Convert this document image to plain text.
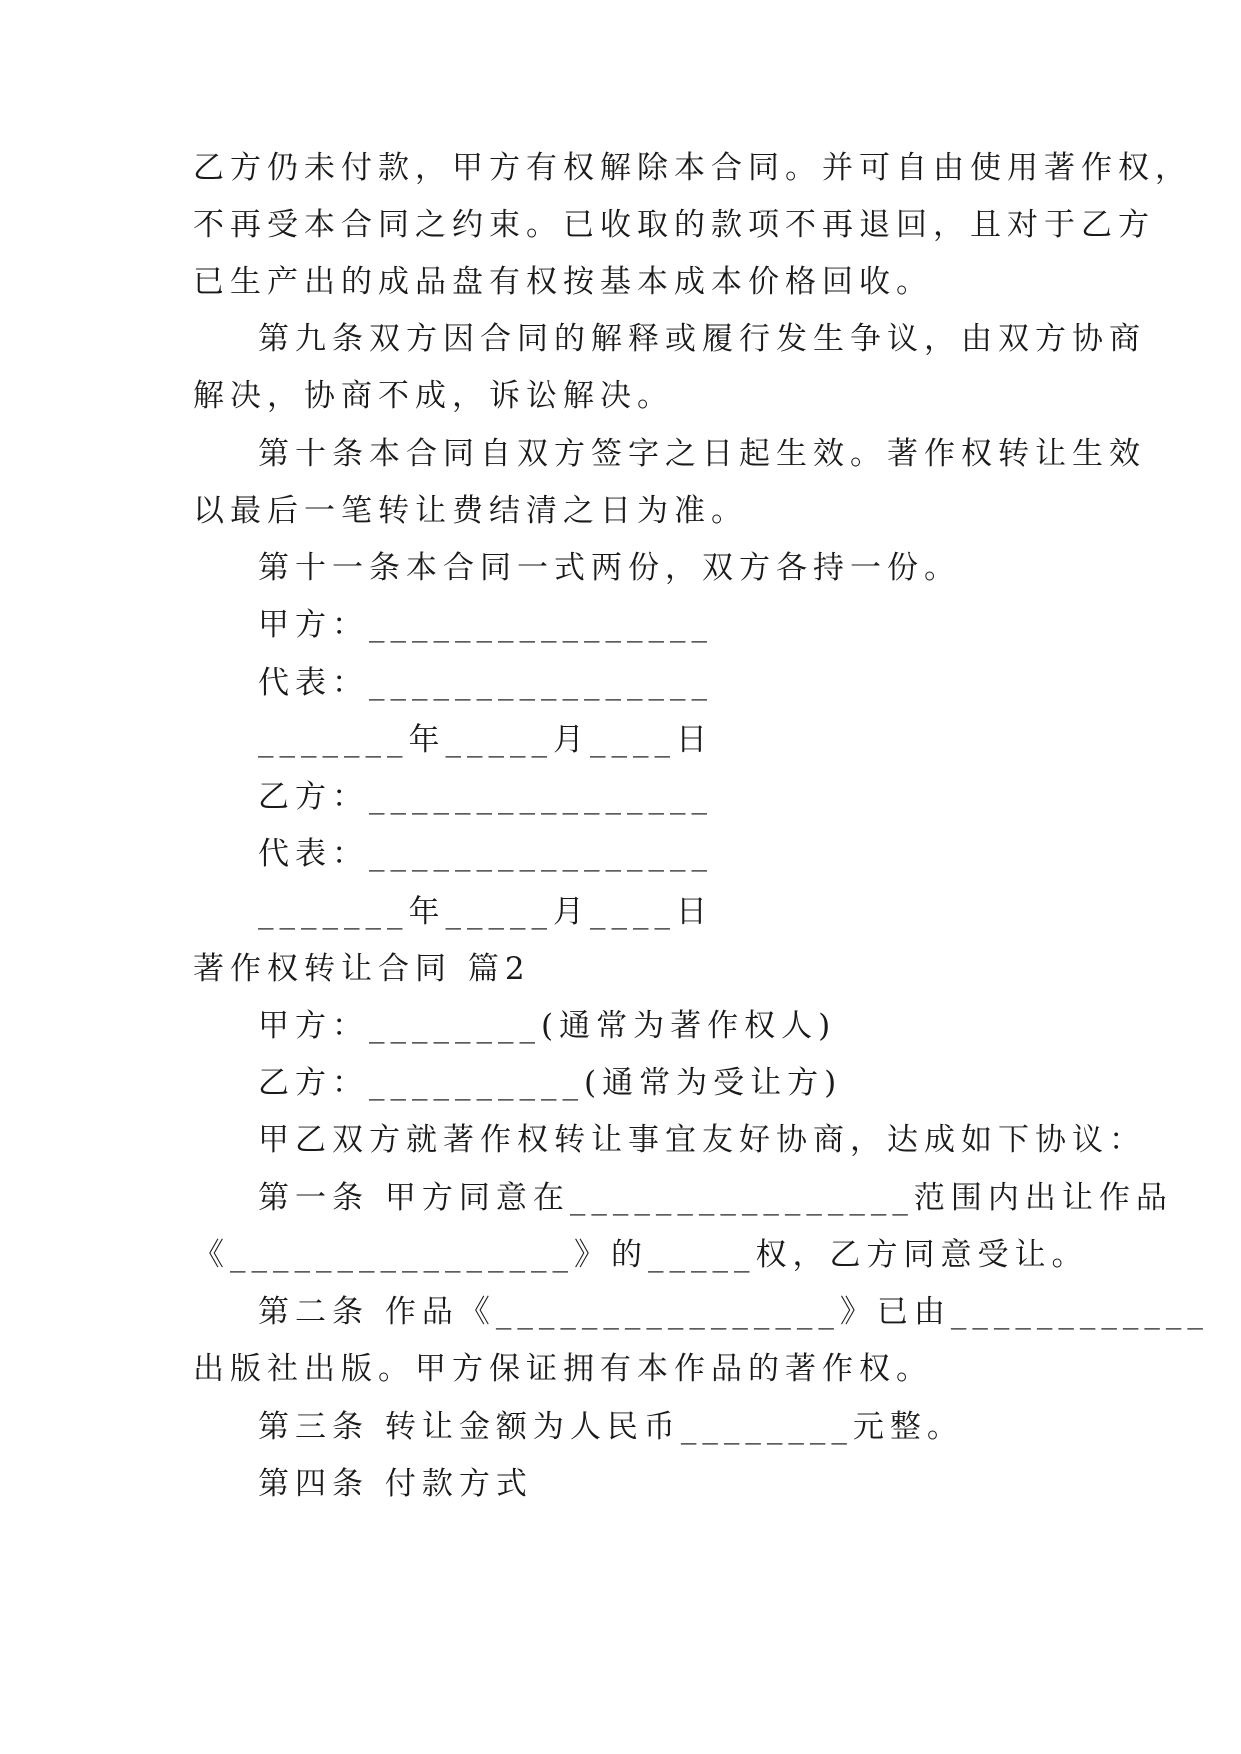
乙方仍未付款，甲方有权解除本合同。并可自由使用著作权，
不再受本合同之约束。已收取的款项不再退回，且对于乙方
已生产出的成品盘有权按基本成本价格回收。
第九条双方因合同的解释或履行发生争议，由双方协商
解决，协商不成，诉讼解决。
第十条本合同自双方签字之日起生效。著作权转让生效
以最后一笔转让费结清之日为准。
第十一条本合同一式两份，双方各持一份。
甲方：________________
代表：________________
_______年_____月____日
乙方：________________
代表：________________
_______年_____月____日
著作权转让合同 篇2
甲方：________(通常为著作权人)
乙方：__________(通常为受让方)
甲乙双方就著作权转让事宜友好协商，达成如下协议：
第一条 甲方同意在________________范围内出让作品
《________________》的_____权，乙方同意受让。
第二条 作品《________________》已由____________
出版社出版。甲方保证拥有本作品的著作权。
第三条 转让金额为人民币________元整。
第四条 付款方式
